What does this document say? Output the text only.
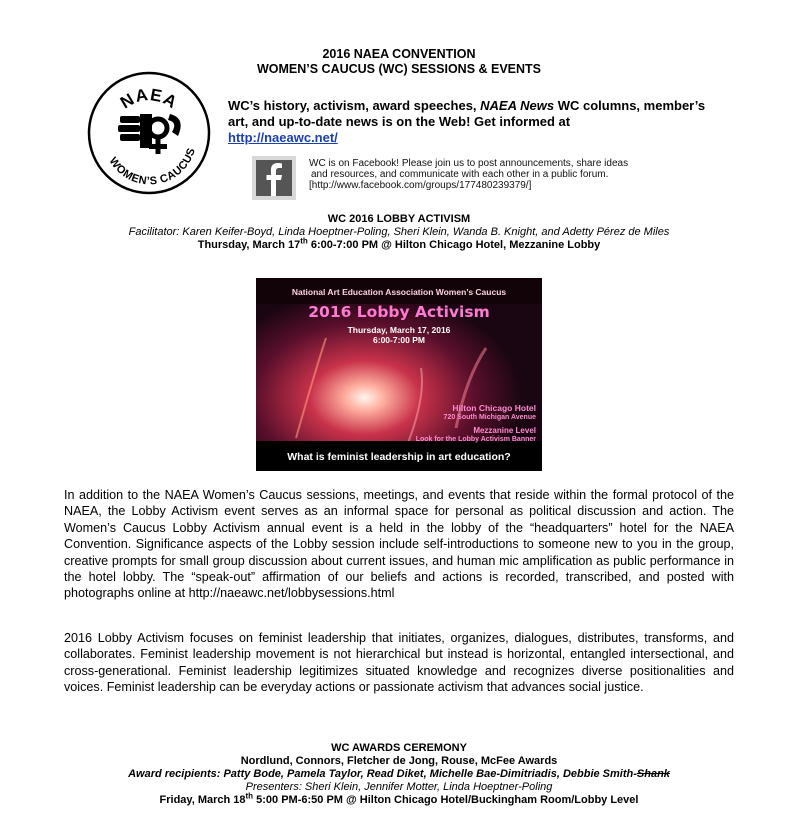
2016 NAEA CONVENTION
WOMEN’S CAUCUS (WC) SESSIONS & EVENTS
NAEA
WOMEN’S CAUCUS
WC’s history, activism, award speeches, NAEA News WC columns, member’s art, and up-to-date news is on the Web! Get informed at
http://naeawc.net/
WC is on Facebook! Please join us to post announcements, share ideas
and resources, and communicate with each other in a public forum.
[http://www.facebook.com/groups/177480239379/]
WC 2016 LOBBY ACTIVISM
Facilitator: Karen Keifer-Boyd, Linda Hoeptner-Poling, Sheri Klein, Wanda B. Knight, and Adetty Pérez de Miles
Thursday, March 17th 6:00-7:00 PM @ Hilton Chicago Hotel, Mezzanine Lobby
National Art Education Association Women’s Caucus
2016 Lobby Activism
Thursday, March 17, 2016
6:00-7:00 PM
Hilton Chicago Hotel
720 South Michigan Avenue
Mezzanine Level
Look for the Lobby Activism Banner
What is feminist leadership in art education?
In addition to the NAEA Women’s Caucus sessions, meetings, and events that reside within the formal protocol of the NAEA, the Lobby Activism event serves as an informal space for personal as political discussion and action. The Women’s Caucus Lobby Activism annual event is a held in the lobby of the “headquarters” hotel for the NAEA Convention. Significance aspects of the Lobby session include self-introductions to someone new to you in the group, creative prompts for small group discussion about current issues, and human mic amplification as public performance in the hotel lobby. The “speak-out” affirmation of our beliefs and actions is recorded, transcribed, and posted with photographs online at http://naeawc.net/lobbysessions.html
2016 Lobby Activism focuses on feminist leadership that initiates, organizes, dialogues, distributes, transforms, and collaborates. Feminist leadership movement is not hierarchical but instead is horizontal, entangled intersectional, and cross-generational. Feminist leadership legitimizes situated knowledge and recognizes diverse positionalities and voices. Feminist leadership can be everyday actions or passionate activism that advances social justice.
WC AWARDS CEREMONY
Nordlund, Connors, Fletcher de Jong, Rouse, McFee Awards
Award recipients: Patty Bode, Pamela Taylor, Read Diket, Michelle Bae-Dimitriadis, Debbie Smith-Shank
Presenters: Sheri Klein, Jennifer Motter, Linda Hoeptner-Poling
Friday, March 18th 5:00 PM-6:50 PM @ Hilton Chicago Hotel/Buckingham Room/Lobby Level
